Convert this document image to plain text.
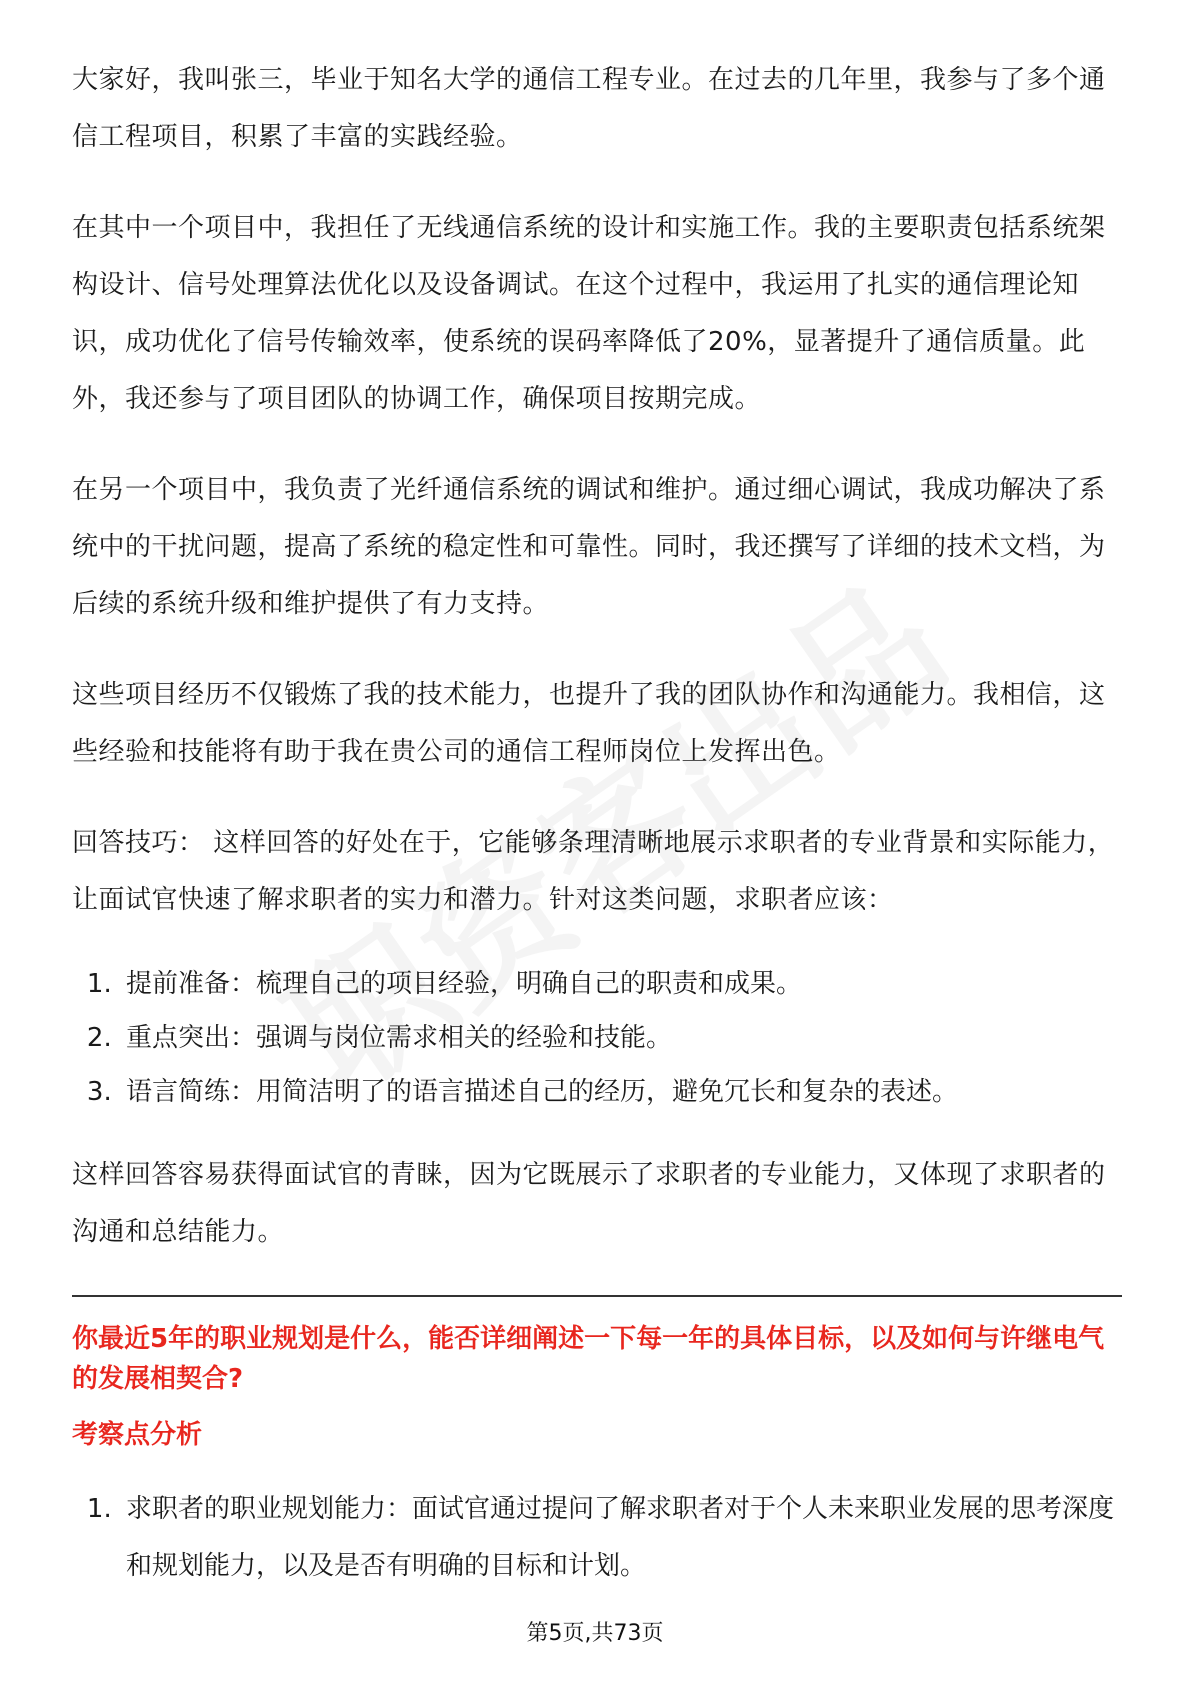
大家好，我叫张三，毕业于知名大学的通信工程专业。在过去的几年里，我参与了多个通信工程项目，积累了丰富的实践经验。

在其中一个项目中，我担任了无线通信系统的设计和实施工作。我的主要职责包括系统架构设计、信号处理算法优化以及设备调试。在这个过程中，我运用了扎实的通信理论知识，成功优化了信号传输效率，使系统的误码率降低了20%，显著提升了通信质量。此外，我还参与了项目团队的协调工作，确保项目按期完成。

在另一个项目中，我负责了光纤通信系统的调试和维护。通过细心调试，我成功解决了系统中的干扰问题，提高了系统的稳定性和可靠性。同时，我还撰写了详细的技术文档，为后续的系统升级和维护提供了有力支持。

这些项目经历不仅锻炼了我的技术能力，也提升了我的团队协作和沟通能力。我相信，这些经验和技能将有助于我在贵公司的通信工程师岗位上发挥出色。

回答技巧： 这样回答的好处在于，它能够条理清晰地展示求职者的专业背景和实际能力，让面试官快速了解求职者的实力和潜力。针对这类问题，求职者应该：

1. 提前准备：梳理自己的项目经验，明确自己的职责和成果。
2. 重点突出：强调与岗位需求相关的经验和技能。
3. 语言简练：用简洁明了的语言描述自己的经历，避免冗长和复杂的表述。

这样回答容易获得面试官的青睐，因为它既展示了求职者的专业能力，又体现了求职者的沟通和总结能力。

你最近5年的职业规划是什么，能否详细阐述一下每一年的具体目标，以及如何与许继电气的发展相契合?
考察点分析
1. 求职者的职业规划能力：面试官通过提问了解求职者对于个人未来职业发展的思考深度和规划能力，以及是否有明确的目标和计划。
第5页,共73页
